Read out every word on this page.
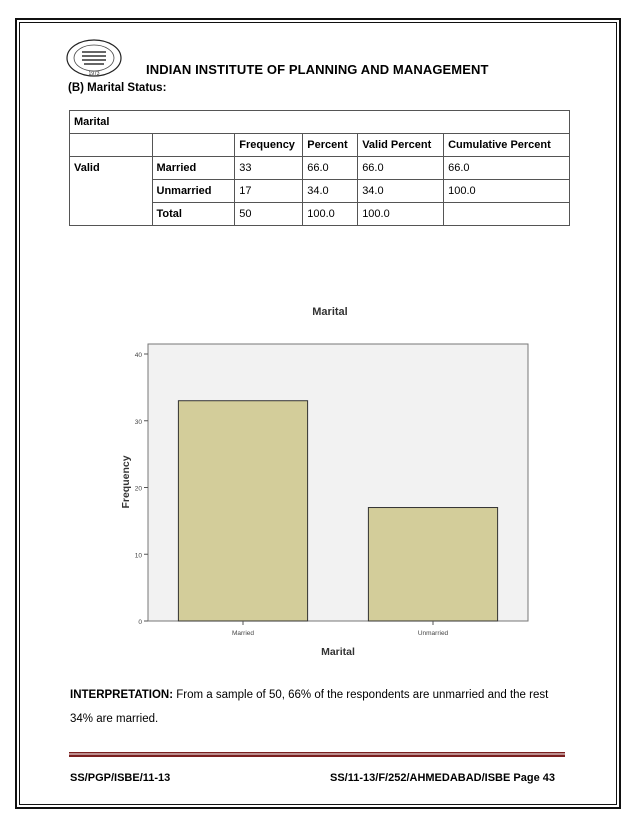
1973	INDIAN INSTITUTE OF PLANNING AND MANAGEMENT
(B) Marital Status:
Marital					
		Frequency	Percent	Valid Percent	Cumulative Percent
Valid	Married	33	66.0	66.0	66.0
	Unmarried	17	34.0	34.0	100.0
	Total	50	100.0	100.0	
Marital
0
10
20
30
40
Married	Unmarried
Marital
Frequency
INTERPRETATION: From a sample of 50, 66% of the respondents are unmarried and the rest
34% are married.
SS/PGP/ISBE/11-13	SS/11-13/F/252/AHMEDABAD/ISBE Page 43
